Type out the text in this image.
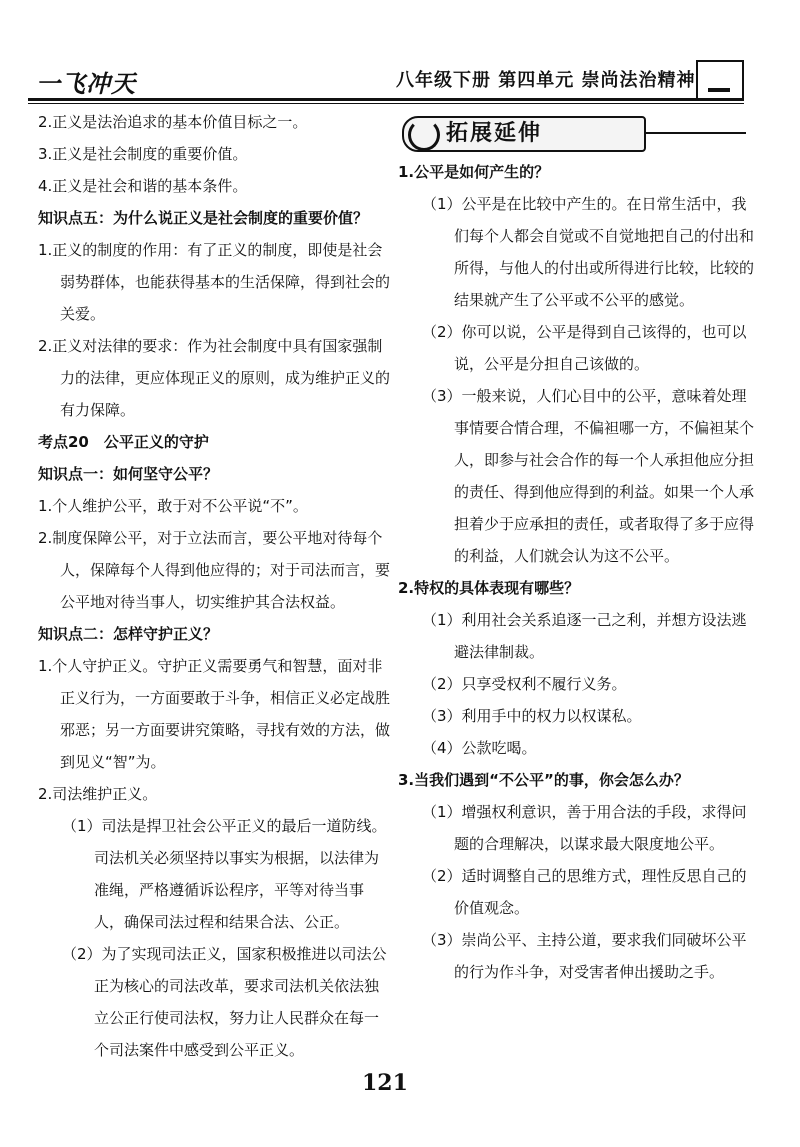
一飞冲天	八年级下册 第四单元 崇尚法治精神

2.正义是法治追求的基本价值目标之一。

3.正义是社会制度的重要价值。

4.正义是社会和谐的基本条件。

知识点五：为什么说正义是社会制度的重要价值？

1.正义的制度的作用：有了正义的制度，即使是社会弱势群体，也能获得基本的生活保障，得到社会的关爱。

2.正义对法律的要求：作为社会制度中具有国家强制力的法律，更应体现正义的原则，成为维护正义的有力保障。

考点20　公平正义的守护

知识点一：如何坚守公平？

1.个人维护公平，敢于对不公平说“不”。

2.制度保障公平，对于立法而言，要公平地对待每个人，保障每个人得到他应得的；对于司法而言，要公平地对待当事人，切实维护其合法权益。

知识点二：怎样守护正义？

1.个人守护正义。守护正义需要勇气和智慧，面对非正义行为，一方面要敢于斗争，相信正义必定战胜邪恶；另一方面要讲究策略，寻找有效的方法，做到见义“智”为。

2.司法维护正义。

（1）司法是捍卫社会公平正义的最后一道防线。司法机关必须坚持以事实为根据，以法律为准绳，严格遵循诉讼程序，平等对待当事人，确保司法过程和结果合法、公正。

（2）为了实现司法正义，国家积极推进以司法公正为核心的司法改革，要求司法机关依法独立公正行使司法权，努力让人民群众在每一个司法案件中感受到公平正义。

拓展延伸

1.公平是如何产生的？

（1）公平是在比较中产生的。在日常生活中，我们每个人都会自觉或不自觉地把自己的付出和所得，与他人的付出或所得进行比较，比较的结果就产生了公平或不公平的感觉。

（2）你可以说，公平是得到自己该得的，也可以说，公平是分担自己该做的。

（3）一般来说，人们心目中的公平，意味着处理事情要合情合理，不偏袒哪一方，不偏袒某个人，即参与社会合作的每一个人承担他应分担的责任、得到他应得到的利益。如果一个人承担着少于应承担的责任，或者取得了多于应得的利益，人们就会认为这不公平。

2.特权的具体表现有哪些？

（1）利用社会关系追逐一己之利，并想方设法逃避法律制裁。

（2）只享受权利不履行义务。

（3）利用手中的权力以权谋私。

（4）公款吃喝。

3.当我们遇到“不公平”的事，你会怎么办？

（1）增强权利意识，善于用合法的手段，求得问题的合理解决，以谋求最大限度地公平。

（2）适时调整自己的思维方式，理性反思自己的价值观念。

（3）崇尚公平、主持公道，要求我们同破坏公平的行为作斗争，对受害者伸出援助之手。

121
